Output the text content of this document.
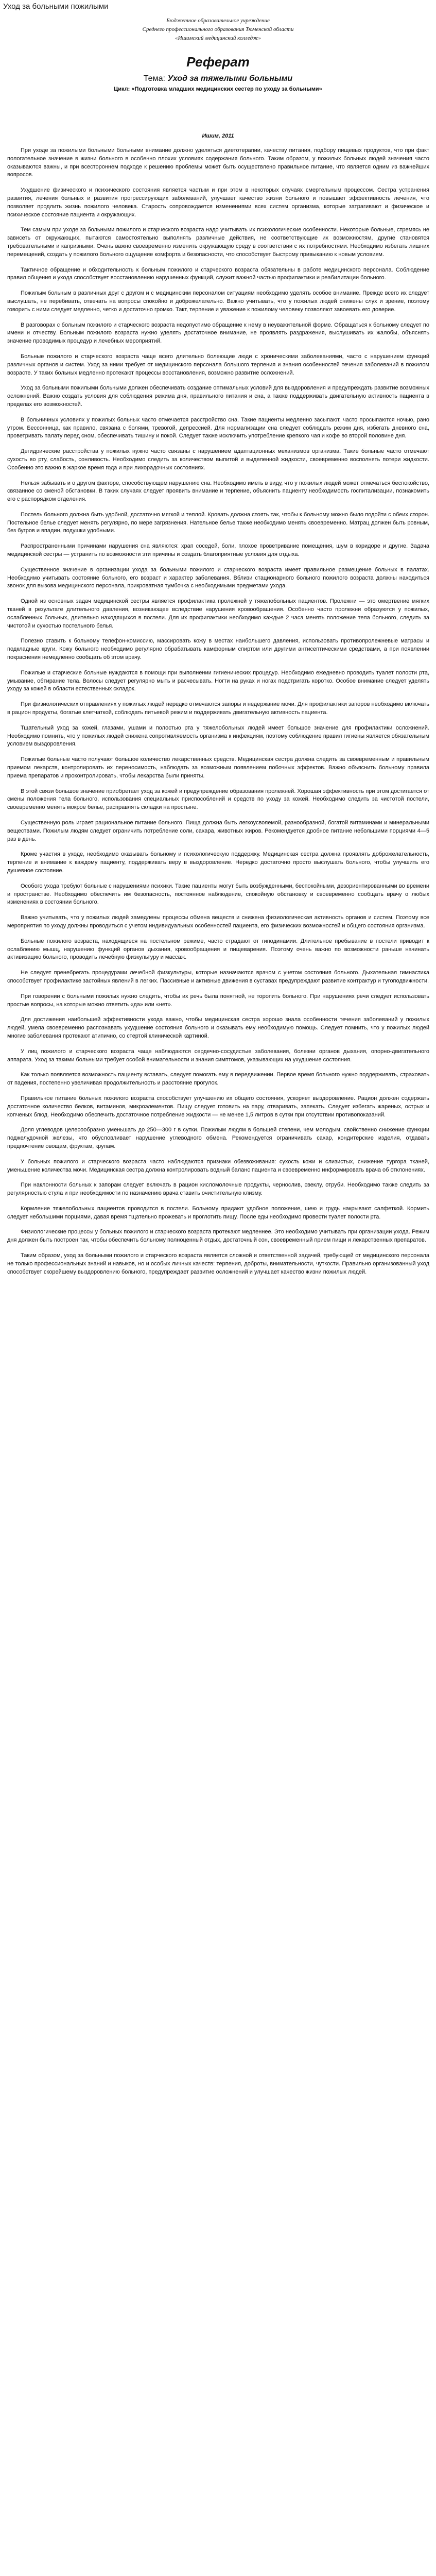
Уход за больными пожилыми
Бюджетное образовательное учреждение
Среднего профессионального образования Тюменской области
«Ишимский медицинский колледж»
Реферат
Тема: Уход за тяжелыми больными
Цикл: «Подготовка младших медицинских сестер по уходу за больными»
Ишим, 2011

При уходе за пожилыми больными больными внимание должно уделяться диетотерапии, качеству питания, подбору пищевых продуктов, что при факт пологательное значение в жизни больного в особенно плохих условиях содержания больного. Таким образом, у пожилых больных людей значения часто оказываются важны, и при всестороннем подходе к решению проблемы может быть осуществлено правильное питание, что является одним из важнейших вопросов.

Ухудшение физического и психического состояния является частым и при этом в некоторых случаях смертельным процессом. Сестра устранения развития, лечения больных и развития прогрессирующих заболеваний, улучшает качество жизни больного и повышает эффективность лечения, что позволяет продлить жизнь пожилого человека. Старость сопровождается изменениями всех систем организма, которые затрагивают и физическое и психическое состояние пациента и окружающих.

Тем самым при уходе за больными пожилого и старческого возраста надо учитывать их психологические особенности. Некоторые больные, стремясь не зависеть от окружающих, пытаются самостоятельно выполнять различные действия, не соответствующие их возможностям, другие становятся требовательными и капризными. Очень важно своевременно изменить окружающую среду в соответствии с их потребностями. Необходимо избегать лишних перемещений, создать у пожилого больного ощущение комфорта и безопасности, что способствует быстрому привыканию к новым условиям.

Тактичное обращение и обходительность к больным пожилого и старческого возраста обязательны в работе медицинского персонала. Соблюдение правил общения и ухода способствует восстановлению нарушенных функций, служит важной частью профилактики и реабилитации больного.

Пожилым больным в различных друг с другом и с медицинским персоналом ситуациям необходимо уделять особое внимание. Прежде всего их следует выслушать, не перебивать, отвечать на вопросы спокойно и доброжелательно. Важно учитывать, что у пожилых людей снижены слух и зрение, поэтому говорить с ними следует медленно, четко и достаточно громко. Такт, терпение и уважение к пожилому человеку позволяют завоевать его доверие.

В разговорах с больным пожилого и старческого возраста недопустимо обращение к нему в неуважительной форме. Обращаться к больному следует по имени и отчеству. Больным пожилого возраста нужно уделять достаточное внимание, не проявлять раздражения, выслушивать их жалобы, объяснять значение проводимых процедур и лечебных мероприятий.

Больные пожилого и старческого возраста чаще всего длительно болеющие люди с хроническими заболеваниями, часто с нарушением функций различных органов и систем. Уход за ними требует от медицинского персонала большого терпения и знания особенностей течения заболеваний в пожилом возрасте. У таких больных медленно протекают процессы восстановления, возможно развитие осложнений.

Уход за больными пожилыми больными должен обеспечивать создание оптимальных условий для выздоровления и предупреждать развитие возможных осложнений. Важно создать условия для соблюдения режима дня, правильного питания и сна, а также поддерживать двигательную активность пациента в пределах его возможностей.

В больничных условиях у пожилых больных часто отмечается расстройство сна. Такие пациенты медленно засыпают, часто просыпаются ночью, рано утром. Бессонница, как правило, связана с болями, тревогой, депрессией. Для нормализации сна следует соблюдать режим дня, избегать дневного сна, проветривать палату перед сном, обеспечивать тишину и покой. Следует также исключить употребление крепкого чая и кофе во второй половине дня.

Дегидрические расстройства у пожилых нужно часто связаны с нарушением адаптационных механизмов организма. Такие больные часто отмечают сухость во рту, слабость, сонливость. Необходимо следить за количеством выпитой и выделенной жидкости, своевременно восполнять потери жидкости. Особенно это важно в жаркое время года и при лихорадочных состояниях.

Нельзя забывать и о другом факторе, способствующем нарушению сна. Необходимо иметь в виду, что у пожилых людей может отмечаться беспокойство, связанное со сменой обстановки. В таких случаях следует проявить внимание и терпение, объяснить пациенту необходимость госпитализации, познакомить его с распорядком отделения.

Постель больного должна быть удобной, достаточно мягкой и теплой. Кровать должна стоять так, чтобы к больному можно было подойти с обеих сторон. Постельное белье следует менять регулярно, по мере загрязнения. Нательное белье также необходимо менять своевременно. Матрац должен быть ровным, без бугров и впадин, подушки удобными.

Распространенными причинами нарушения сна являются: храп соседей, боли, плохое проветривание помещения, шум в коридоре и другие. Задача медицинской сестры — устранить по возможности эти причины и создать благоприятные условия для отдыха.

Существенное значение в организации ухода за больными пожилого и старческого возраста имеет правильное размещение больных в палатах. Необходимо учитывать состояние больного, его возраст и характер заболевания. Вблизи стационарного больного пожилого возраста должны находиться звонок для вызова медицинского персонала, прикроватная тумбочка с необходимыми предметами ухода.

Одной из основных задач медицинской сестры является профилактика пролежней у тяжелобольных пациентов. Пролежни — это омертвение мягких тканей в результате длительного давления, возникающее вследствие нарушения кровообращения. Особенно часто пролежни образуются у пожилых, ослабленных больных, длительно находящихся в постели. Для их профилактики необходимо каждые 2 часа менять положение тела больного, следить за чистотой и сухостью постельного белья.

Полезно ставить к больному телефон-комиссию, массировать кожу в местах наибольшего давления, использовать противопролежневые матрасы и подкладные круги. Кожу больного необходимо регулярно обрабатывать камфорным спиртом или другими антисептическими средствами, а при появлении покраснения немедленно сообщать об этом врачу.

Пожилые и старческие больные нуждаются в помощи при выполнении гигиенических процедур. Необходимо ежедневно проводить туалет полости рта, умывание, обтирание тела. Волосы следует регулярно мыть и расчесывать. Ногти на руках и ногах подстригать коротко. Особое внимание следует уделять уходу за кожей в области естественных складок.

При физиологических отправлениях у пожилых людей нередко отмечаются запоры и недержание мочи. Для профилактики запоров необходимо включать в рацион продукты, богатые клетчаткой, соблюдать питьевой режим и поддерживать двигательную активность пациента.

Тщательный уход за кожей, глазами, ушами и полостью рта у тяжелобольных людей имеет большое значение для профилактики осложнений. Необходимо помнить, что у пожилых людей снижена сопротивляемость организма к инфекциям, поэтому соблюдение правил гигиены является обязательным условием выздоровления.

Пожилые больные часто получают большое количество лекарственных средств. Медицинская сестра должна следить за своевременным и правильным приемом лекарств, контролировать их переносимость, наблюдать за возможным появлением побочных эффектов. Важно объяснить больному правила приема препаратов и проконтролировать, чтобы лекарства были приняты.

В этой связи большое значение приобретает уход за кожей и предупреждение образования пролежней. Хорошая эффективность при этом достигается от смены положения тела больного, использования специальных приспособлений и средств по уходу за кожей. Необходимо следить за чистотой постели, своевременно менять мокрое белье, расправлять складки на простыне.

Существенную роль играет рациональное питание больного. Пища должна быть легкоусвояемой, разнообразной, богатой витаминами и минеральными веществами. Пожилым людям следует ограничить потребление соли, сахара, животных жиров. Рекомендуется дробное питание небольшими порциями 4—5 раз в день.

Кроме участия в уходе, необходимо оказывать больному и психологическую поддержку. Медицинская сестра должна проявлять доброжелательность, терпение и внимание к каждому пациенту, поддерживать веру в выздоровление. Нередко достаточно просто выслушать больного, чтобы улучшить его душевное состояние.

Особого ухода требуют больные с нарушениями психики. Такие пациенты могут быть возбужденными, беспокойными, дезориентированными во времени и пространстве. Необходимо обеспечить им безопасность, постоянное наблюдение, спокойную обстановку и своевременно сообщать врачу о любых изменениях в состоянии больного.

Важно учитывать, что у пожилых людей замедлены процессы обмена веществ и снижена физиологическая активность органов и систем. Поэтому все мероприятия по уходу должны проводиться с учетом индивидуальных особенностей пациента, его физических возможностей и общего состояния организма.

Больные пожилого возраста, находящиеся на постельном режиме, часто страдают от гиподинамии. Длительное пребывание в постели приводит к ослаблению мышц, нарушению функций органов дыхания, кровообращения и пищеварения. Поэтому очень важно по возможности раньше начинать активизацию больного, проводить лечебную физкультуру и массаж.

Не следует пренебрегать процедурами лечебной физкультуры, которые назначаются врачом с учетом состояния больного. Дыхательная гимнастика способствует профилактике застойных явлений в легких. Пассивные и активные движения в суставах предупреждают развитие контрактур и тугоподвижности.

При говорении с больными пожилых нужно следить, чтобы их речь была понятной, не торопить больного. При нарушениях речи следует использовать простые вопросы, на которые можно ответить «да» или «нет».

Для достижения наибольшей эффективности ухода важно, чтобы медицинская сестра хорошо знала особенности течения заболеваний у пожилых людей, умела своевременно распознавать ухудшение состояния больного и оказывать ему необходимую помощь. Следует помнить, что у пожилых людей многие заболевания протекают атипично, со стертой клинической картиной.

У лиц пожилого и старческого возраста чаще наблюдаются сердечно-сосудистые заболевания, болезни органов дыхания, опорно-двигательного аппарата. Уход за такими больными требует особой внимательности и знания симптомов, указывающих на ухудшение состояния.

Как только появляется возможность пациенту вставать, следует помогать ему в передвижении. Первое время больного нужно поддерживать, страховать от падения, постепенно увеличивая продолжительность и расстояние прогулок.

Правильное питание больных пожилого возраста способствует улучшению их общего состояния, ускоряет выздоровление. Рацион должен содержать достаточное количество белков, витаминов, микроэлементов. Пищу следует готовить на пару, отваривать, запекать. Следует избегать жареных, острых и копченых блюд. Необходимо обеспечить достаточное потребление жидкости — не менее 1,5 литров в сутки при отсутствии противопоказаний.

Доля углеводов целесообразно уменьшать до 250—300 г в сутки. Пожилым людям в большей степени, чем молодым, свойственно снижение функции поджелудочной железы, что обусловливает нарушение углеводного обмена. Рекомендуется ограничивать сахар, кондитерские изделия, отдавать предпочтение овощам, фруктам, крупам.

У больных пожилого и старческого возраста часто наблюдаются признаки обезвоживания: сухость кожи и слизистых, снижение тургора тканей, уменьшение количества мочи. Медицинская сестра должна контролировать водный баланс пациента и своевременно информировать врача об отклонениях.

При наклонности больных к запорам следует включать в рацион кисломолочные продукты, чернослив, свеклу, отруби. Необходимо также следить за регулярностью стула и при необходимости по назначению врача ставить очистительную клизму.

Кормление тяжелобольных пациентов проводится в постели. Больному придают удобное положение, шею и грудь накрывают салфеткой. Кормить следует небольшими порциями, давая время тщательно прожевать и проглотить пищу. После еды необходимо провести туалет полости рта.

Физиологические процессы у больных пожилого и старческого возраста протекают медленнее. Это необходимо учитывать при организации ухода. Режим дня должен быть построен так, чтобы обеспечить больному полноценный отдых, достаточный сон, своевременный прием пищи и лекарственных препаратов.

Таким образом, уход за больными пожилого и старческого возраста является сложной и ответственной задачей, требующей от медицинского персонала не только профессиональных знаний и навыков, но и особых личных качеств: терпения, доброты, внимательности, чуткости. Правильно организованный уход способствует скорейшему выздоровлению больного, предупреждает развитие осложнений и улучшает качество жизни пожилых людей.
